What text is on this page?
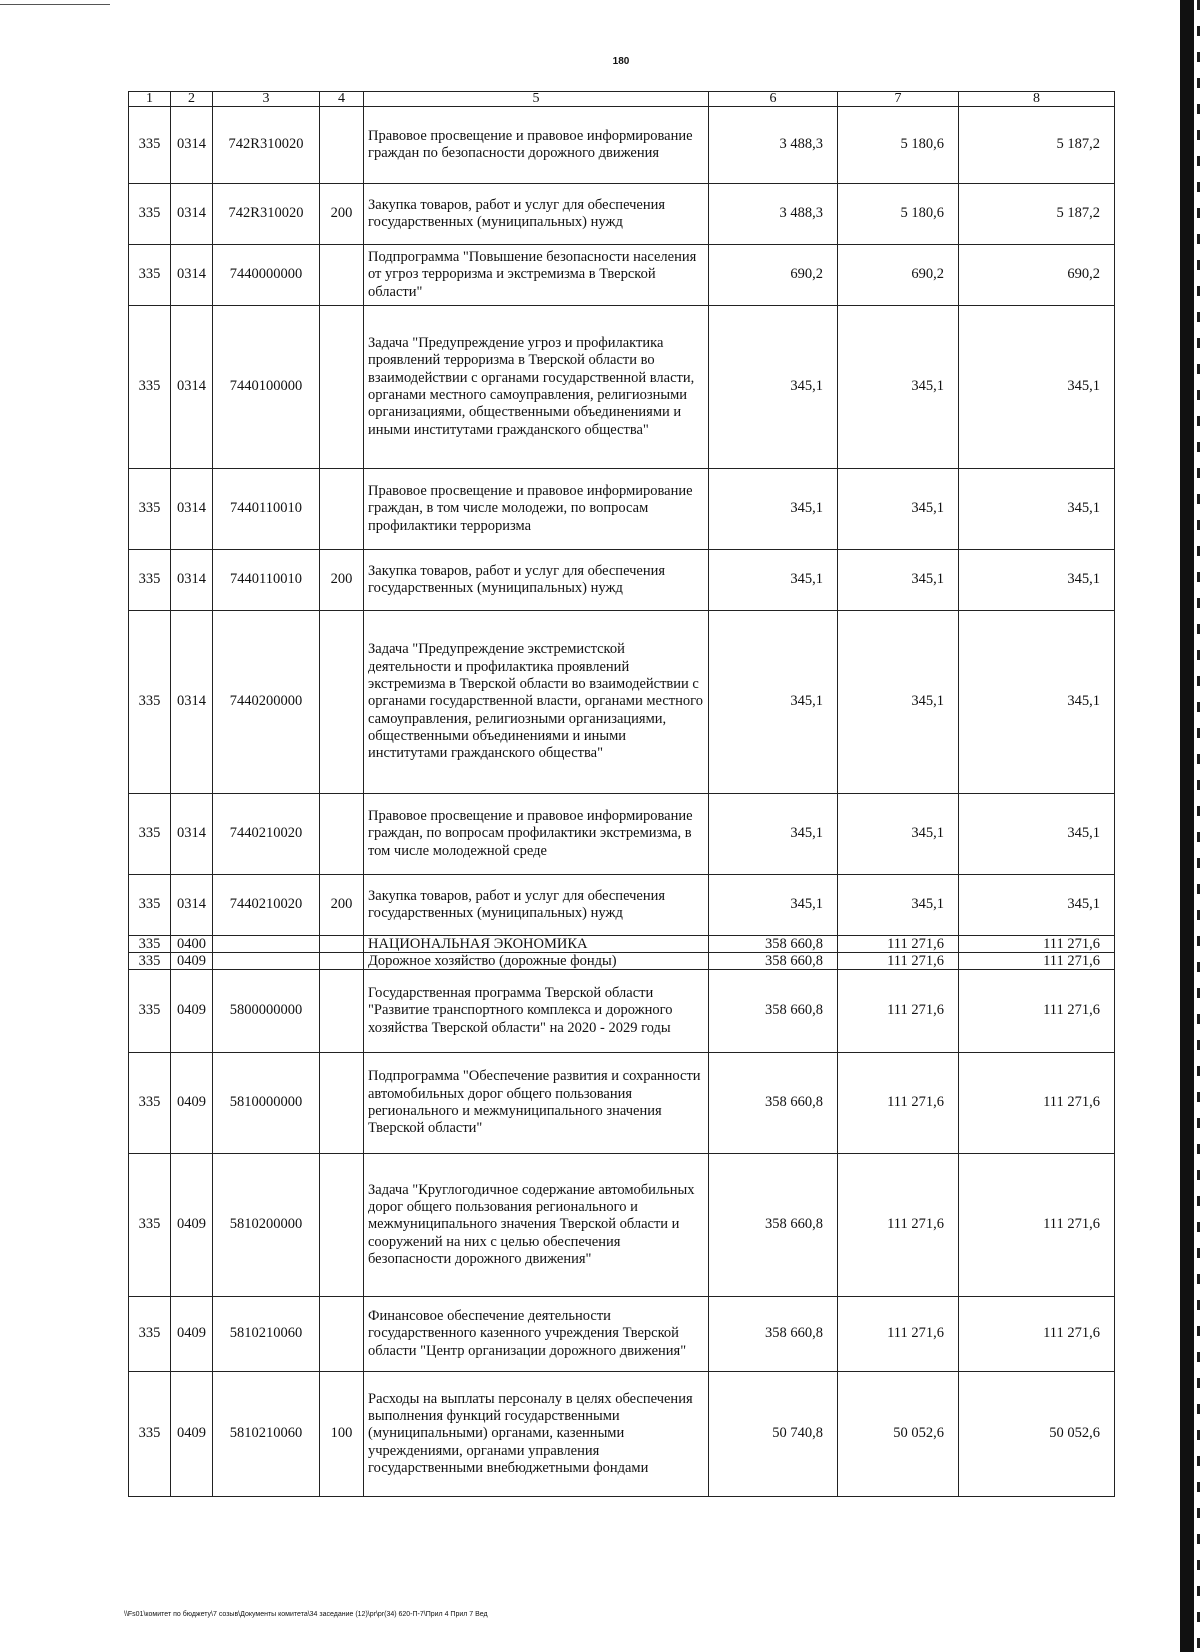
180
1	2	3	4	5	6	7	8
335	0314	742R310020		Правовое просвещение и правовое информирование граждан по безопасности дорожного движения	3 488,3	5 180,6	5 187,2
335	0314	742R310020	200	Закупка товаров, работ и услуг для обеспечения государственных (муниципальных) нужд	3 488,3	5 180,6	5 187,2
335	0314	7440000000		Подпрограмма "Повышение безопасности населения от угроз терроризма и экстремизма в Тверской области"	690,2	690,2	690,2
335	0314	7440100000		Задача "Предупреждение угроз и профилактика проявлений терроризма в Тверской области во взаимодействии с органами государственной власти, органами местного самоуправления, религиозными организациями, общественными объединениями и иными институтами гражданского общества"	345,1	345,1	345,1
335	0314	7440110010		Правовое просвещение и правовое информирование граждан, в том числе молодежи, по вопросам профилактики терроризма	345,1	345,1	345,1
335	0314	7440110010	200	Закупка товаров, работ и услуг для обеспечения государственных (муниципальных) нужд	345,1	345,1	345,1
335	0314	7440200000		Задача "Предупреждение экстремистской деятельности и профилактика проявлений экстремизма в Тверской области во взаимодействии с органами государственной власти, органами местного самоуправления, религиозными организациями, общественными объединениями и иными институтами гражданского общества"	345,1	345,1	345,1
335	0314	7440210020		Правовое просвещение и правовое информирование граждан, по вопросам профилактики экстремизма, в том числе молодежной среде	345,1	345,1	345,1
335	0314	7440210020	200	Закупка товаров, работ и услуг для обеспечения государственных (муниципальных) нужд	345,1	345,1	345,1
335	0400			НАЦИОНАЛЬНАЯ ЭКОНОМИКА	358 660,8	111 271,6	111 271,6
335	0409			Дорожное хозяйство (дорожные фонды)	358 660,8	111 271,6	111 271,6
335	0409	5800000000		Государственная программа Тверской области "Развитие транспортного комплекса и дорожного хозяйства Тверской области" на 2020 - 2029 годы	358 660,8	111 271,6	111 271,6
335	0409	5810000000		Подпрограмма "Обеспечение развития и сохранности автомобильных дорог общего пользования регионального и межмуниципального значения Тверской области"	358 660,8	111 271,6	111 271,6
335	0409	5810200000		Задача "Круглогодичное содержание автомобильных дорог общего пользования регионального и межмуниципального значения Тверской области и сооружений на них с целью обеспечения безопасности дорожного движения"	358 660,8	111 271,6	111 271,6
335	0409	5810210060		Финансовое обеспечение деятельности государственного казенного учреждения Тверской области "Центр организации дорожного движения"	358 660,8	111 271,6	111 271,6
335	0409	5810210060	100	Расходы на выплаты персоналу в целях обеспечения выполнения функций государственными (муниципальными) органами, казенными учреждениями, органами управления государственными внебюджетными фондами	50 740,8	50 052,6	50 052,6
\\Fs01\комитет по бюджету\7 созыв\Документы комитета\34 заседание (12)\pr\pr(34) 620-П-7\Прил 4 Прил 7 Вед
